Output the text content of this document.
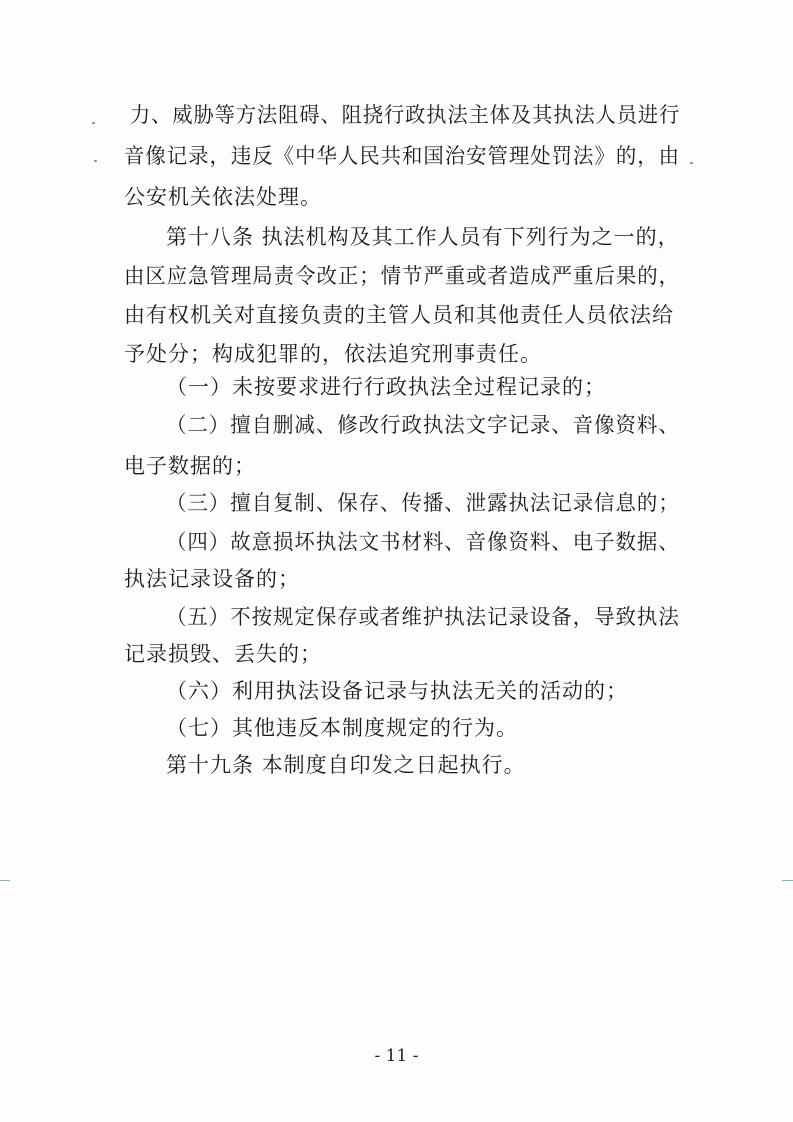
力、威胁等方法阻碍、阻挠行政执法主体及其执法人员进行
音像记录，违反《中华人民共和国治安管理处罚法》的，由
公安机关依法处理。
第十八条 执法机构及其工作人员有下列行为之一的，
由区应急管理局责令改正；情节严重或者造成严重后果的，
由有权机关对直接负责的主管人员和其他责任人员依法给
予处分；构成犯罪的，依法追究刑事责任。
（一）未按要求进行行政执法全过程记录的；
（二）擅自删减、修改行政执法文字记录、音像资料、
电子数据的；
（三）擅自复制、保存、传播、泄露执法记录信息的；
（四）故意损坏执法文书材料、音像资料、电子数据、
执法记录设备的；
（五）不按规定保存或者维护执法记录设备，导致执法
记录损毁、丢失的；
（六）利用执法设备记录与执法无关的活动的；
（七）其他违反本制度规定的行为。
第十九条 本制度自印发之日起执行。
- 11 -
